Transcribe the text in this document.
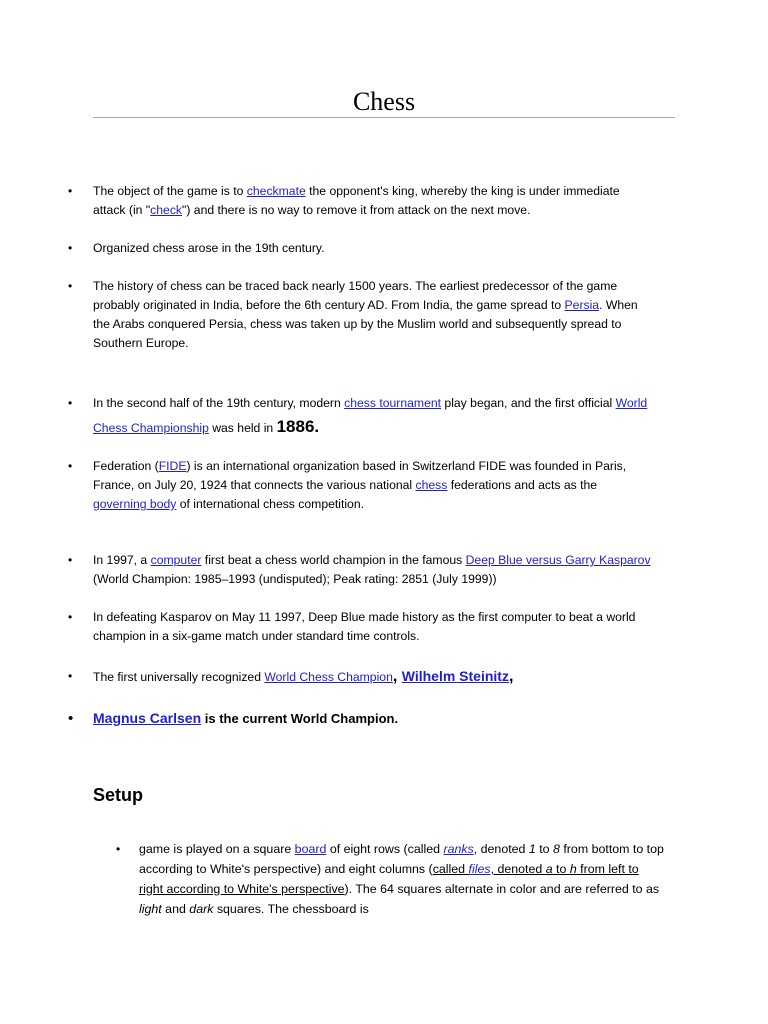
Chess
• The object of the game is to checkmate the opponent's king, whereby the king is under immediate attack (in "check") and there is no way to remove it from attack on the next move.
• Organized chess arose in the 19th century.
• The history of chess can be traced back nearly 1500 years. The earliest predecessor of the game probably originated in India, before the 6th century AD. From India, the game spread to Persia. When the Arabs conquered Persia, chess was taken up by the Muslim world and subsequently spread to Southern Europe.
• In the second half of the 19th century, modern chess tournament play began, and the first official World Chess Championship was held in 1886.
• Federation (FIDE) is an international organization based in Switzerland FIDE was founded in Paris, France, on July 20, 1924 that connects the various national chess federations and acts as the governing body of international chess competition.
• In 1997, a computer first beat a chess world champion in the famous Deep Blue versus Garry Kasparov (World Champion: 1985–1993 (undisputed); Peak rating: 2851 (July 1999))
• In defeating Kasparov on May 11 1997, Deep Blue made history as the first computer to beat a world champion in a six-game match under standard time controls.
• The first universally recognized World Chess Champion, Wilhelm Steinitz,
• Magnus Carlsen is the current World Champion.
Setup
• game is played on a square board of eight rows (called ranks, denoted 1 to 8 from bottom to top according to White's perspective) and eight columns (called files, denoted a to h from left to right according to White's perspective). The 64 squares alternate in color and are referred to as light and dark squares. The chessboard is
